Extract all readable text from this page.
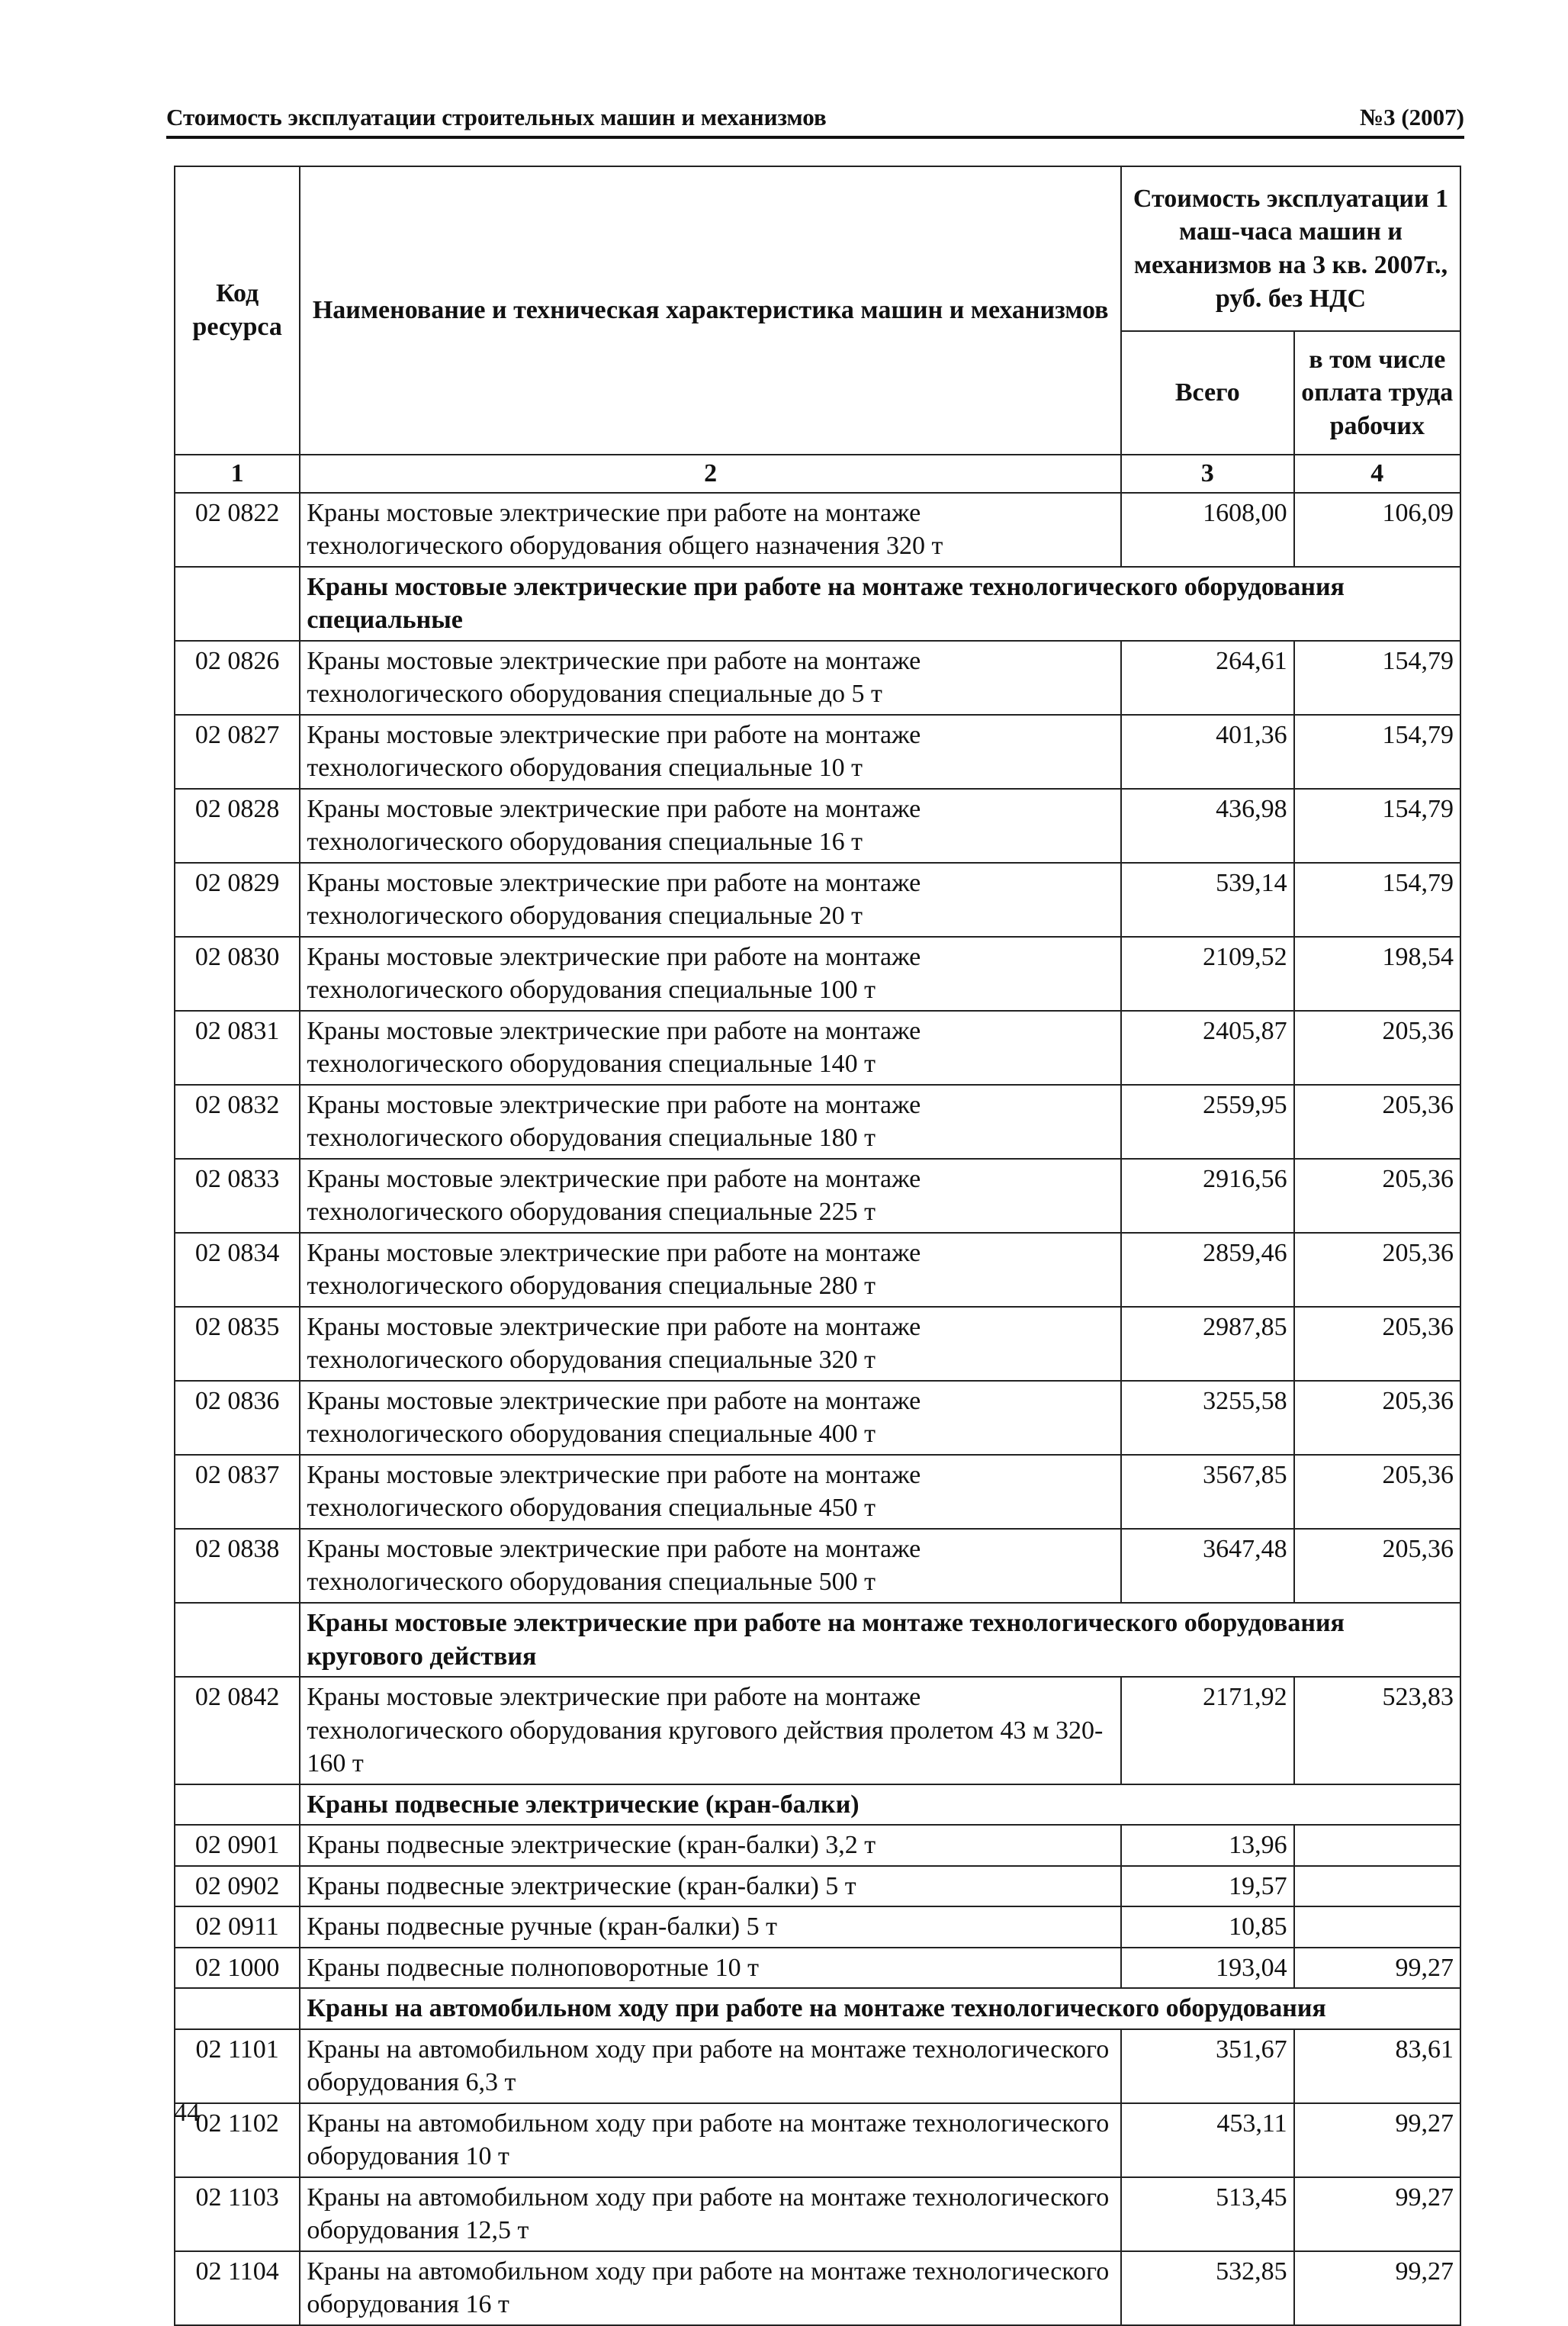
Стоимость эксплуатации строительных машин и механизмов	№3 (2007)
Код ресурса	Наименование и техническая характеристика машин и механизмов	Стоимость эксплуатации 1 маш-часа машин и механизмов на 3 кв. 2007г., руб. без НДС	
		Всего	в том числе оплата труда рабочих
1	2	3	4
02 0822	Краны мостовые электрические при работе на монтаже технологического оборудования общего назначения 320 т	1608,00	106,09
	Краны мостовые электрические при работе на монтаже технологического оборудования специальные		
02 0826	Краны мостовые электрические при работе на монтаже технологического оборудования специальные до 5 т	264,61	154,79
02 0827	Краны мостовые электрические при работе на монтаже технологического оборудования специальные 10 т	401,36	154,79
02 0828	Краны мостовые электрические при работе на монтаже технологического оборудования специальные 16 т	436,98	154,79
02 0829	Краны мостовые электрические при работе на монтаже технологического оборудования специальные 20 т	539,14	154,79
02 0830	Краны мостовые электрические при работе на монтаже технологического оборудования специальные 100 т	2109,52	198,54
02 0831	Краны мостовые электрические при работе на монтаже технологического оборудования специальные 140 т	2405,87	205,36
02 0832	Краны мостовые электрические при работе на монтаже технологического оборудования специальные 180 т	2559,95	205,36
02 0833	Краны мостовые электрические при работе на монтаже технологического оборудования специальные 225 т	2916,56	205,36
02 0834	Краны мостовые электрические при работе на монтаже технологического оборудования специальные 280 т	2859,46	205,36
02 0835	Краны мостовые электрические при работе на монтаже технологического оборудования специальные 320 т	2987,85	205,36
02 0836	Краны мостовые электрические при работе на монтаже технологического оборудования специальные 400 т	3255,58	205,36
02 0837	Краны мостовые электрические при работе на монтаже технологического оборудования специальные 450 т	3567,85	205,36
02 0838	Краны мостовые электрические при работе на монтаже технологического оборудования специальные 500 т	3647,48	205,36
	Краны мостовые электрические при работе на монтаже технологического оборудования кругового действия		
02 0842	Краны мостовые электрические при работе на монтаже технологического оборудования кругового действия пролетом 43 м 320-160 т	2171,92	523,83
	Краны подвесные электрические (кран-балки)		
02 0901	Краны подвесные электрические (кран-балки) 3,2 т	13,96	
02 0902	Краны подвесные электрические (кран-балки) 5 т	19,57	
02 0911	Краны подвесные ручные (кран-балки) 5 т	10,85	
02 1000	Краны подвесные полноповоротные 10 т	193,04	99,27
	Краны на автомобильном ходу при работе на монтаже технологического оборудования		
02 1101	Краны на автомобильном ходу при работе на монтаже технологического оборудования 6,3 т	351,67	83,61
02 1102	Краны на автомобильном ходу при работе на монтаже технологического оборудования 10 т	453,11	99,27
02 1103	Краны на автомобильном ходу при работе на монтаже технологического оборудования 12,5 т	513,45	99,27
02 1104	Краны на автомобильном ходу при работе на монтаже технологического оборудования 16 т	532,85	99,27
44
